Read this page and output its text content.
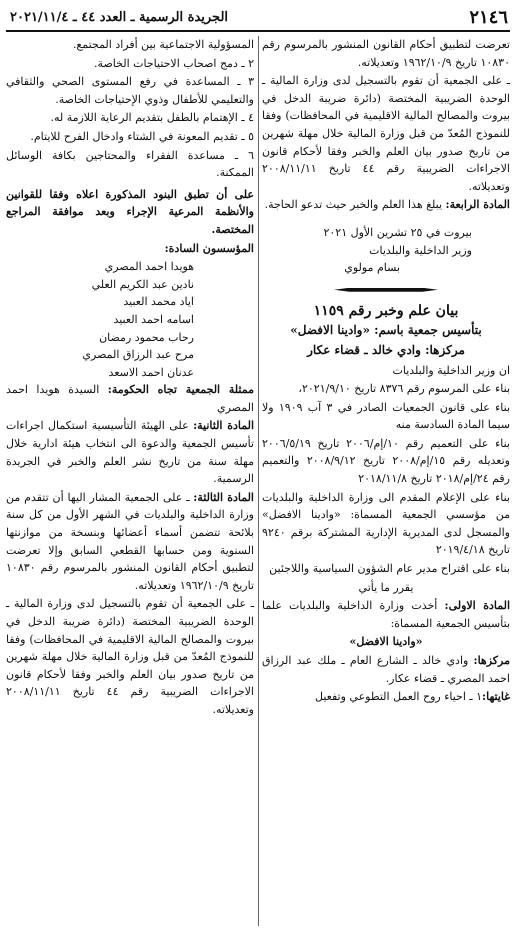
٢١٤٦
الجريدة الرسمية ـ العدد ٤٤ ـ ٢٠٢١/١١/٤

تعرضت لتطبيق أحكام القانون المنشور بالمرسوم رقم ١٠٨٣٠ تاريخ ١٩٦٢/١٠/٩ وتعديلاته.

ـ على الجمعية أن تقوم بالتسجيل لدى وزارة المالية ـ الوحدة الضريبية المختصة (دائرة ضريبة الدخل في بيروت والمصالح المالية الاقليمية في المحافظات) وفقا للنموذج المُعدّ من قبل وزارة المالية خلال مهلة شهرين من تاريخ صدور بيان العلم والخبر وفقا لأحكام قانون الاجراءات الضريبية رقم ٤٤ تاريخ ٢٠٠٨/١١/١١ وتعديلاته.

المادة الرابعة: يبلغ هذا العلم والخبر حيث تدعو الحاجة.

بيروت في ٢٥ تشرين الأول ٢٠٢١

وزير الداخلية والبلديات

بسام مولوي

بيان علم وخبر رقم ١١٥٩
بتأسيس جمعية باسم: «وادينا الافضل»
مركزها: وادي خالد ـ قضاء عكار

ان وزير الداخلية والبلديات

بناء على المرسوم رقم ٨٣٧٦ تاريخ ٢٠٢١/٩/١٠،

بناء على قانون الجمعيات الصادر في ٣ آب ١٩٠٩ ولا سيما المادة السادسة منه

بناء على التعميم رقم ١٠/إم/٢٠٠٦ تاريخ ٢٠٠٦/٥/١٩ وتعديله رقم ١٥/إم/٢٠٠٨ تاريخ ٢٠٠٨/٩/١٢ والتعميم رقم ٢٤/إم/٢٠١٨ تاريخ ٢٠١٨/١١/٨

بناء على الإعلام المقدم الى وزارة الداخلية والبلديات من مؤسسي الجمعية المسماة: «وادينا الافضل» والمسجل لدى المديرية الإدارية المشتركة برقم ٩٢٤٠ تاريخ ٢٠١٩/٤/١٨

بناء على اقتراح مدير عام الشؤون السياسية واللاجئين

يقرر ما يأتي

المادة الاولى: أخذت وزارة الداخلية والبلديات علما بتأسيس الجمعية المسماة:

«وادينا الافضل»

مركزها: وادي خالد ـ الشارع العام ـ ملك عبد الرزاق احمد المصري ـ قضاء عكار.

غايتها:١ ـ احياء روح العمل التطوعي وتفعيل

المسؤولية الاجتماعية بين أفراد المجتمع.

٢ ـ دمج اصحاب الاحتياجات الخاصة.

٣ ـ المساعدة في رفع المستوى الصحي والثقافي والتعليمي للأطفال وذوي الإحتياجات الخاصة.

٤ ـ الإهتمام بالطفل بتقديم الرعاية اللازمة له.

٥ ـ تقديم المعونة في الشتاء وادخال الفرح للايتام.

٦ ـ مساعدة الفقراء والمحتاجين بكافة الوسائل الممكنة.

على أن تطبق البنود المذكورة اعلاه وفقا للقوانين والأنظمة المرعية الإجراء وبعد موافقة المراجع المختصة.

المؤسسون السادة:

هويدا احمد المصري

نادين عبد الكريم العلي

اياد محمد العبيد

اسامه احمد العبيد

رحاب محمود رمضان

مرح عبد الرزاق المصري

عدنان احمد الاسعد

ممثلة الجمعية تجاه الحكومة: السيدة هويدا احمد المصري

المادة الثانية: على الهيئة التأسيسية استكمال اجراءات تأسيس الجمعية والدعوة الى انتخاب هيئة ادارية خلال مهلة سنة من تاريخ نشر العلم والخبر في الجريدة الرسمية.

المادة الثالثة: ـ على الجمعية المشار اليها أن تتقدم من وزارة الداخلية والبلديات في الشهر الأول من كل سنة بلائحة تتضمن أسماء أعضائها وبنسخة من موازنتها السنوية ومن حسابها القطعي السابق وإلا تعرضت لتطبيق أحكام القانون المنشور بالمرسوم رقم ١٠٨٣٠ تاريخ ١٩٦٢/١٠/٩ وتعديلاته.

ـ على الجمعية أن تقوم بالتسجيل لدى وزارة المالية ـ الوحدة الضريبية المختصة (دائرة ضريبة الدخل في بيروت والمصالح المالية الاقليمية في المحافظات) وفقا للنموذج المُعدّ من قبل وزارة المالية خلال مهلة شهرين من تاريخ صدور بيان العلم والخبر وفقا لأحكام قانون الاجراءات الضريبية رقم ٤٤ تاريخ ٢٠٠٨/١١/١١ وتعديلاته.
